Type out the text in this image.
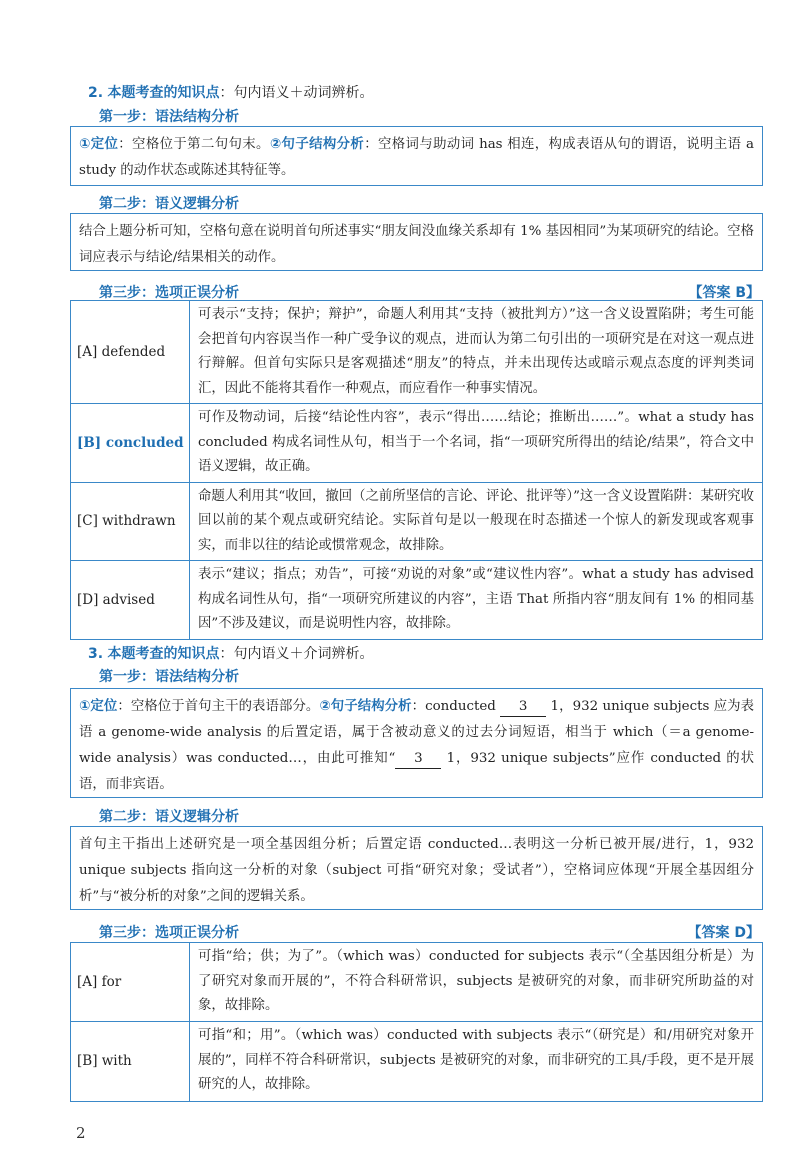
2. 本题考查的知识点：句内语义＋动词辨析。
第一步：语法结构分析
①定位：空格位于第二句句末。②句子结构分析：空格词与助动词 has 相连，构成表语从句的谓语，说明主语 a study 的动作状态或陈述其特征等。
第二步：语义逻辑分析
结合上题分析可知，空格句意在说明首句所述事实“朋友间没血缘关系却有 1% 基因相同”为某项研究的结论。空格词应表示与结论/结果相关的动作。
第三步：选项正误分析	【答案 B】
[A] defended	可表示“支持；保护；辩护”，命题人利用其“支持（被批判方）”这一含义设置陷阱；考生可能会把首句内容误当作一种广受争议的观点，进而认为第二句引出的一项研究是在对这一观点进行辩解。但首句实际只是客观描述“朋友”的特点，并未出现传达或暗示观点态度的评判类词汇，因此不能将其看作一种观点，而应看作一种事实情况。
[B] concluded	可作及物动词，后接“结论性内容”，表示“得出……结论；推断出……”。what a study has concluded 构成名词性从句，相当于一个名词，指“一项研究所得出的结论/结果”，符合文中语义逻辑，故正确。
[C] withdrawn	命题人利用其“收回，撤回（之前所坚信的言论、评论、批评等）”这一含义设置陷阱：某研究收回以前的某个观点或研究结论。实际首句是以一般现在时态描述一个惊人的新发现或客观事实，而非以往的结论或惯常观念，故排除。
[D] advised	表示“建议；指点；劝告”，可接“劝说的对象”或“建议性内容”。what a study has advised 构成名词性从句，指“一项研究所建议的内容”，主语 That 所指内容“朋友间有 1% 的相同基因”不涉及建议，而是说明性内容，故排除。
3. 本题考查的知识点：句内语义＋介词辨析。
第一步：语法结构分析
①定位：空格位于首句主干的表语部分。②句子结构分析：conducted 3 1，932 unique subjects 应为表语 a genome-wide analysis 的后置定语，属于含被动意义的过去分词短语，相当于 which（＝a genome-wide analysis）was conducted…，由此可推知“ 3 1，932 unique subjects”应作 conducted 的状语，而非宾语。
第二步：语义逻辑分析
首句主干指出上述研究是一项全基因组分析；后置定语 conducted…表明这一分析已被开展/进行，1，932 unique subjects 指向这一分析的对象（subject 可指“研究对象；受试者”），空格词应体现“开展全基因组分析”与“被分析的对象”之间的逻辑关系。
第三步：选项正误分析	【答案 D】
[A] for	可指“给；供；为了”。（which was）conducted for subjects 表示“（全基因组分析是）为了研究对象而开展的”，不符合科研常识，subjects 是被研究的对象，而非研究所助益的对象，故排除。
[B] with	可指“和；用”。（which was）conducted with subjects 表示“（研究是）和/用研究对象开展的”，同样不符合科研常识，subjects 是被研究的对象，而非研究的工具/手段，更不是开展研究的人，故排除。
2
